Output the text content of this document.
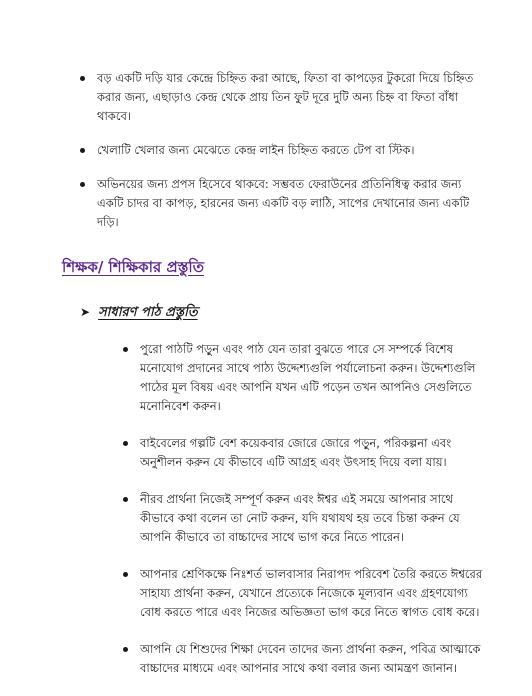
বড় একটি দড়ি যার কেন্দ্রে চিহ্নিত করা আছে, ফিতা বা কাপড়ের টুকরো দিয়ে চিহ্নিত করার জন্য, এছাড়াও কেন্দ্র থেকে প্রায় তিন ফুট দূরে দুটি অন্য চিহ্ন বা ফিতা বাঁধা থাকবে।
খেলাটি খেলার জন্য মেঝেতে কেন্দ্র লাইন চিহ্নিত করতে টেপ বা স্টিক।
অভিনয়ের জন্য প্রপস হিসেবে থাকবে: সম্ভবত ফেরাউনের প্রতিনিধিত্ব করার জন্য একটি চাদর বা কাপড়, হারনের জন্য একটি বড় লাঠি, সাপের দেখানোর জন্য একটি দড়ি।
শিক্ষক/ শিক্ষিকার প্রস্তুতি
➤ সাধারণ পাঠ প্রস্তুতি
পুরো পাঠটি পড়ুন এবং পাঠ যেন তারা বুঝতে পারে সে সম্পর্কে বিশেষ মনোযোগ প্রদানের সাথে পাঠ্য উদ্দেশ্যগুলি পর্যালোচনা করুন। উদ্দেশ্যগুলি পাঠের মূল বিষয় এবং আপনি যখন এটি পড়েন তখন আপনিও সেগুলিতে মনোনিবেশ করুন।
বাইবেলের গল্পটি বেশ কয়েকবার জোরে জোরে পড়ুন, পরিকল্পনা এবং অনুশীলন করুন যে কীভাবে এটি আগ্রহ এবং উৎসাহ দিয়ে বলা যায়।
নীরব প্রার্থনা নিজেই সম্পূর্ণ করুন এবং ঈশ্বর এই সময়ে আপনার সাথে কীভাবে কথা বলেন তা নোট করুন, যদি যথাযথ হয় তবে চিন্তা করুন যে আপনি কীভাবে তা বাচ্চাদের সাথে ভাগ করে নিতে পারেন।
আপনার শ্রেণিকক্ষে নিঃশর্ত ভালবাসার নিরাপদ পরিবেশ তৈরি করতে ঈশ্বরের সাহায্য প্রার্থনা করুন, যেখানে প্রত্যেকে নিজেকে মূল্যবান এবং গ্রহণযোগ্য বোধ করতে পারে এবং নিজের অভিজ্ঞতা ভাগ করে নিতে স্বাগত বোধ করে।
আপনি যে শিশুদের শিক্ষা দেবেন তাদের জন্য প্রার্থনা করুন, পবিত্র আত্মাকে বাচ্চাদের মাধ্যমে এবং আপনার সাথে কথা বলার জন্য আমন্ত্রণ জানান।
